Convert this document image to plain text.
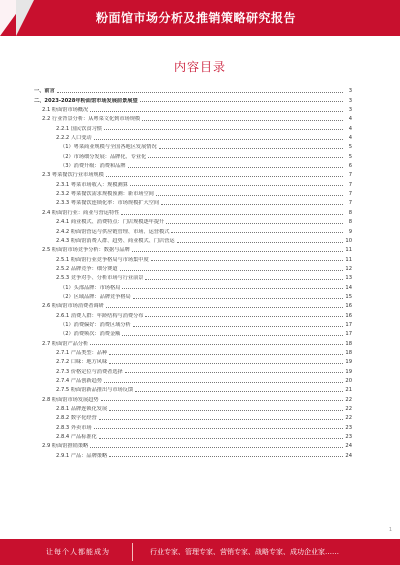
粉面馆市场分析及推销策略研究报告
内容目录
一、前言	3
二、2023-2028年粉面馆市场发展前景展望	3
2.1 粉面馆市场概况	3
2.2 行业背景分析：从粤菜文化到市场规模	4
2.2.1 国民饮食习惯	4
2.2.2 人口变动	4
（1）粤菜商业规模与全国各地区发展情况	5
（2）市场细分发展：品牌化、专业化	5
（3）消费升级：消费和品牌	6
2.3 粤菜餐饮行业市场规模	7
2.3.1 粤菜市场收入：规模测算	7
2.3.2 粤菜餐饮需求规模预测：新市场空间	7
2.3.3 粤菜餐饮连锁化率：市场规模扩大空间	7
2.4 粉面馆行业：商业与营运特性	8
2.4.1 商业模式、消费特点：门店规模逐年提升	8
2.4.2 粉面馆营运与供应链管理、市场、运营模式	9
2.4.3 粉面馆消费人群、趋势、商业模式、门店营运	10
2.5 粉面馆市场竞争分析：数据与品牌	11
2.5.1 粉面馆行业竞争格局与市场集中度	11
2.5.2 品牌竞争：细分赛道	12
2.5.3 竞争对手、分析市场与行业前景	13
（1）头部品牌：市场格局	14
（2）区域品牌：品牌竞争格局	15
2.6 粉面馆市场消费者调研	16
2.6.1 消费人群：年龄结构与消费分布	16
（1）消费偏好：消费区域分析	17
（2）消费频次：消费金额	17
2.7 粉面馆产品分析	18
2.7.1 产品类型：品种	18
2.7.2 口味：地方风味	19
2.7.3 价格定位与消费者选择	19
2.7.4 产品创新趋势	20
2.7.5 粉面馆新品推出与市场反馈	21
2.8 粉面馆市场发展趋势	22
2.8.1 品牌连锁化发展	22
2.8.2 数字化经营	22
2.8.3 外卖市场	23
2.8.4 产品标准化	23
2.9 粉面馆推销策略	24
2.9.1 产品：品牌策略	24
1
让每个人都能成为	行业专家、管理专家、营销专家、战略专家、成功企业家……
